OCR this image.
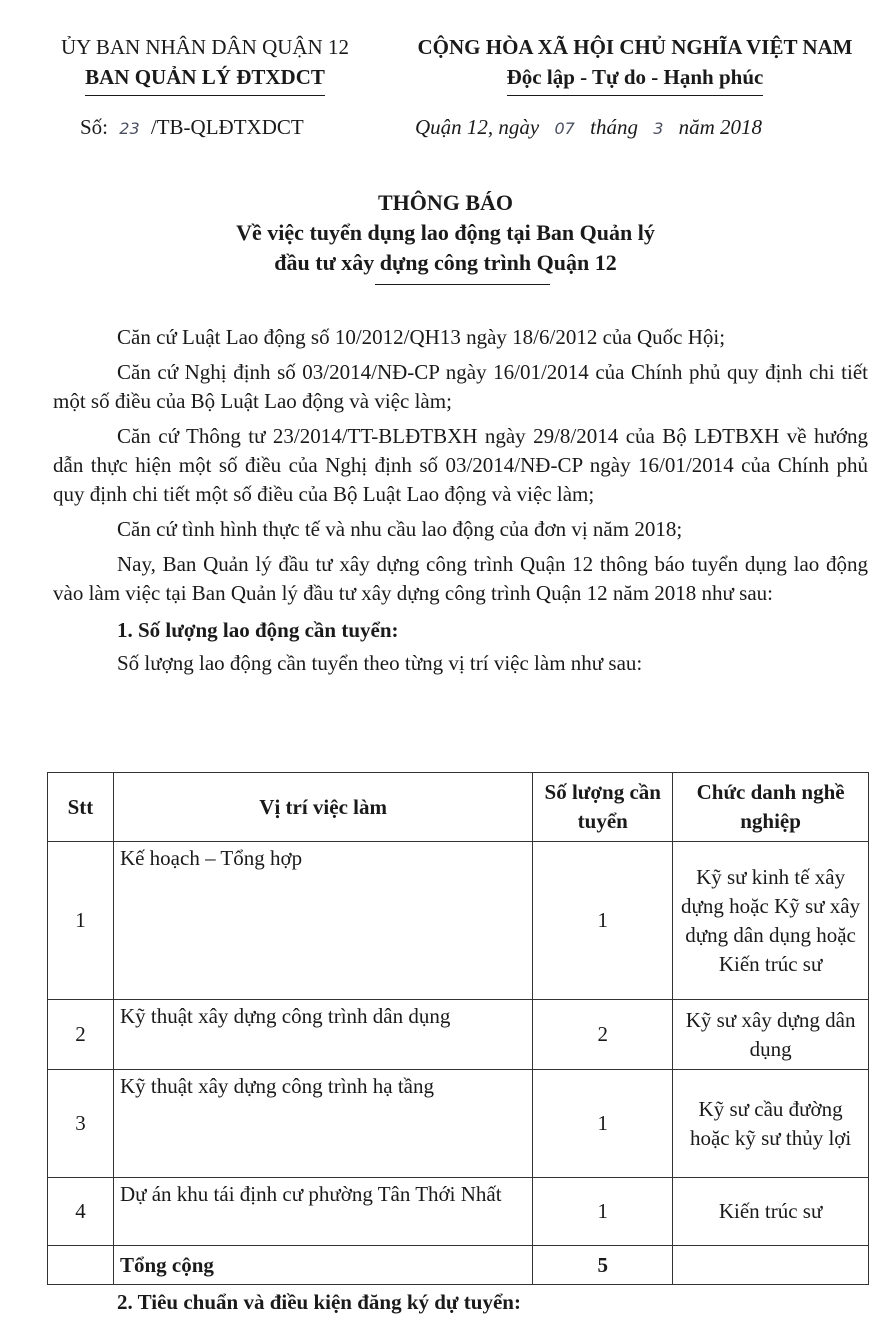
ỦY BAN NHÂN DÂN QUẬN 12
BAN QUẢN LÝ ĐTXDCT
CỘNG HÒA XÃ HỘI CHỦ NGHĨA VIỆT NAM
Độc lập - Tự do - Hạnh phúc
Số: 23 /TB-QLĐTXDCT	Quận 12, ngày 07 tháng 3 năm 2018
THÔNG BÁO
Về việc tuyển dụng lao động tại Ban Quản lý
đầu tư xây dựng công trình Quận 12

Căn cứ Luật Lao động số 10/2012/QH13 ngày 18/6/2012 của Quốc Hội;

Căn cứ Nghị định số 03/2014/NĐ-CP ngày 16/01/2014 của Chính phủ quy định chi tiết một số điều của Bộ Luật Lao động và việc làm;

Căn cứ Thông tư 23/2014/TT-BLĐTBXH ngày 29/8/2014 của Bộ LĐTBXH về hướng dẫn thực hiện một số điều của Nghị định số 03/2014/NĐ-CP ngày 16/01/2014 của Chính phủ quy định chi tiết một số điều của Bộ Luật Lao động và việc làm;

Căn cứ tình hình thực tế và nhu cầu lao động của đơn vị năm 2018;

Nay, Ban Quản lý đầu tư xây dựng công trình Quận 12 thông báo tuyển dụng lao động vào làm việc tại Ban Quản lý đầu tư xây dựng công trình Quận 12 năm 2018 như sau:

1. Số lượng lao động cần tuyển:

Số lượng lao động cần tuyển theo từng vị trí việc làm như sau:

Stt	Vị trí việc làm	Số lượng cần tuyển	Chức danh nghề nghiệp
1	Kế hoạch – Tổng hợp	1	Kỹ sư kinh tế xây dựng hoặc Kỹ sư xây dựng dân dụng hoặc Kiến trúc sư
2	Kỹ thuật xây dựng công trình dân dụng	2	Kỹ sư xây dựng dân dụng
3	Kỹ thuật xây dựng công trình hạ tầng	1	Kỹ sư cầu đường hoặc kỹ sư thủy lợi
4	Dự án khu tái định cư phường Tân Thới Nhất	1	Kiến trúc sư
	Tổng cộng	5	
2. Tiêu chuẩn và điều kiện đăng ký dự tuyển:
